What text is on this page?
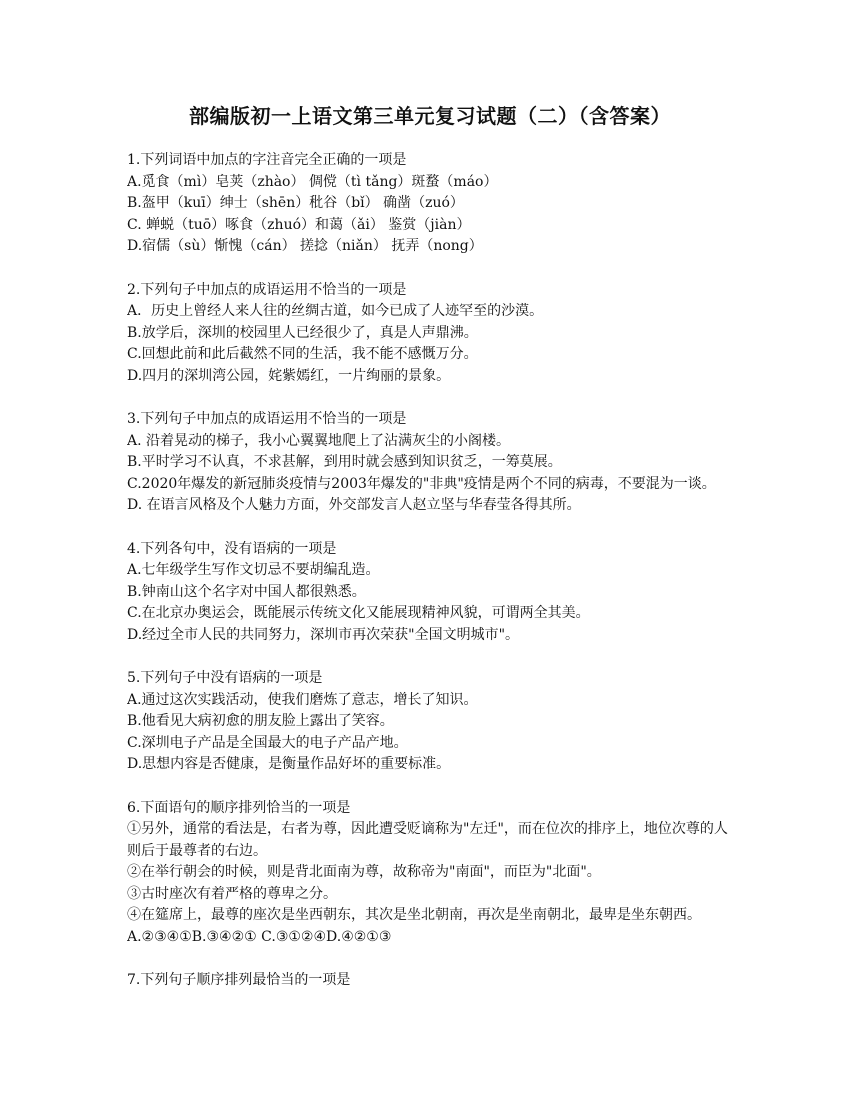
部编版初一上语文第三单元复习试题（二）（含答案）
1.下列词语中加点的字注音完全正确的一项是
A.觅食（mì）皂荚（zhào） 倜傥（tì tǎng）斑蝥（máo）
B.盔甲（kuī）绅士（shēn）秕谷（bǐ） 确凿（zuó）
C. 蝉蜕（tuō）啄食（zhuó）和蔼（ǎi） 鉴赏（jiàn）
D.宿儒（sù）惭愧（cán） 搓捻（niǎn） 抚弄（nong）
2.下列句子中加点的成语运用不恰当的一项是
A．历史上曾经人来人往的丝绸古道，如今已成了人迹罕至的沙漠。
B.放学后，深圳的校园里人已经很少了，真是人声鼎沸。
C.回想此前和此后截然不同的生活，我不能不感慨万分。
D.四月的深圳湾公园，姹紫嫣红，一片绚丽的景象。
3.下列句子中加点的成语运用不恰当的一项是
A. 沿着晃动的梯子，我小心翼翼地爬上了沾满灰尘的小阁楼。
B.平时学习不认真，不求甚解，到用时就会感到知识贫乏，一筹莫展。
C.2020年爆发的新冠肺炎疫情与2003年爆发的"非典"疫情是两个不同的病毒，不要混为一谈。
D. 在语言风格及个人魅力方面，外交部发言人赵立坚与华春莹各得其所。
4.下列各句中，没有语病的一项是
A.七年级学生写作文切忌不要胡编乱造。
B.钟南山这个名字对中国人都很熟悉。
C.在北京办奥运会，既能展示传统文化又能展现精神风貌，可谓两全其美。
D.经过全市人民的共同努力，深圳市再次荣获"全国文明城市"。
5.下列句子中没有语病的一项是
A.通过这次实践活动，使我们磨炼了意志，增长了知识。
B.他看见大病初愈的朋友脸上露出了笑容。
C.深圳电子产品是全国最大的电子产品产地。
D.思想内容是否健康，是衡量作品好坏的重要标准。
6.下面语句的顺序排列恰当的一项是
①另外，通常的看法是，右者为尊，因此遭受贬谪称为"左迁"，而在位次的排序上，地位次尊的人则后于最尊者的右边。
②在举行朝会的时候，则是背北面南为尊，故称帝为"南面"，而臣为"北面"。
③古时座次有着严格的尊卑之分。
④在筵席上，最尊的座次是坐西朝东，其次是坐北朝南，再次是坐南朝北，最卑是坐东朝西。 A.②③④①B.③④②① C.③①②④D.④②①③
7.下列句子顺序排列最恰当的一项是
